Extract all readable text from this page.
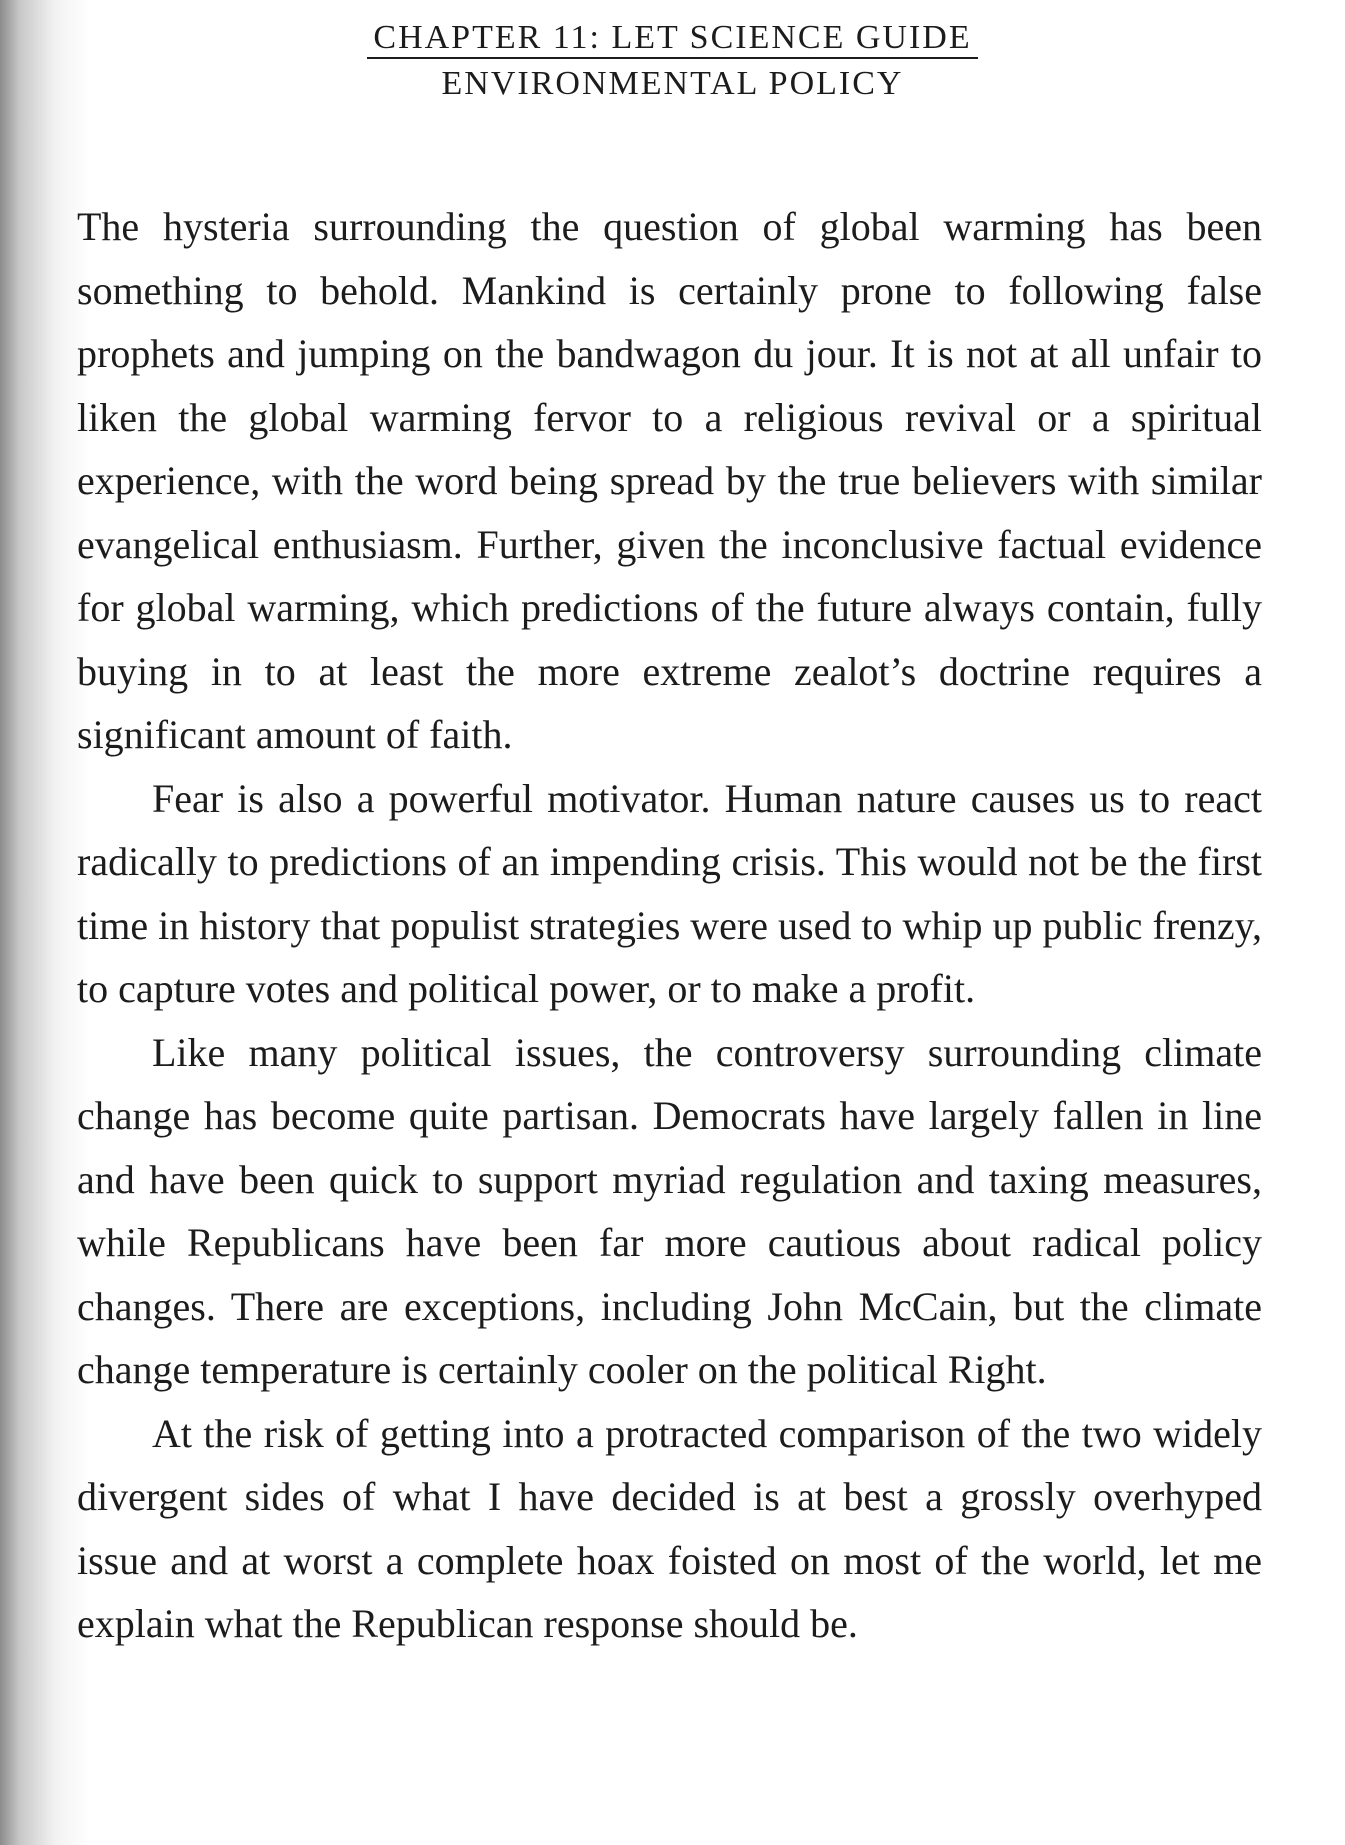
CHAPTER 11: LET SCIENCE GUIDE
ENVIRONMENTAL POLICY

The hysteria surrounding the question of global warming has been something to behold. Mankind is certainly prone to following false prophets and jumping on the bandwagon du jour. It is not at all unfair to liken the global warming fervor to a religious revival or a spiritual experience, with the word being spread by the true believers with similar evangelical enthusiasm. Further, given the inconclusive factual evidence for global warming, which predictions of the future always contain, fully buying in to at least the more extreme zealot’s doctrine requires a significant amount of faith.

Fear is also a powerful motivator. Human nature causes us to react radically to predictions of an impending crisis. This would not be the first time in history that populist strategies were used to whip up public frenzy, to capture votes and political power, or to make a profit.

Like many political issues, the controversy surrounding climate change has become quite partisan. Democrats have largely fallen in line and have been quick to support myriad regulation and taxing measures, while Republicans have been far more cautious about radical policy changes. There are exceptions, including John McCain, but the climate change temperature is certainly cooler on the political Right.

At the risk of getting into a protracted comparison of the two widely divergent sides of what I have decided is at best a grossly overhyped issue and at worst a complete hoax foisted on most of the world, let me explain what the Republican response should be.
